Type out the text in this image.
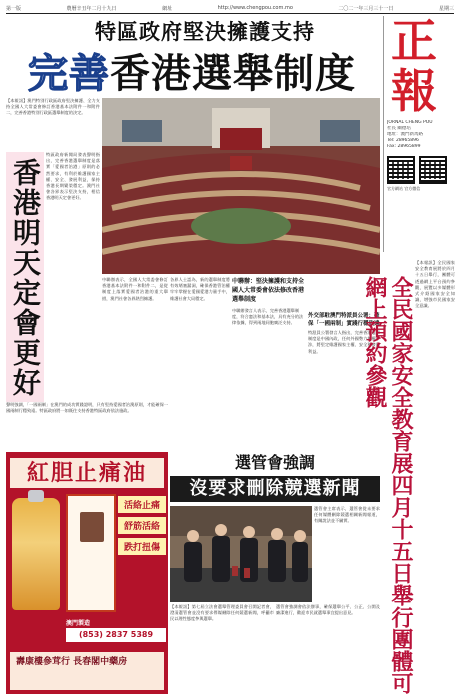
第一版	農曆辛丑年二月十九日	網址	http://www.chengpou.com.mo	二〇二一年三月三十一日	星期三
特區政府堅決擁護支持
完善 香港選舉制度
正報
JORNAL CHENG POU
社長 關德培
地址：澳門新馬路
Tel: 28965896
Fax: 28965899
官方網站 官方微信
【本報訊】澳門特別行政區政府堅決擁護、全力支持全國人大常委會修訂香港基本法附件一和附件二，完善香港特別行政區選舉制度的決定。
香港明天定會更好
特區政府新聞局發表聲明指出，完善香港選舉制度是落實「愛國者治港」原則的必然要求，有利於維護國家主權、安全、發展利益，保持香港長期繁榮穩定。澳門社會各界表示堅決支持，相信香港明天定會更好。
中聯辦表示，全國人大常委會修訂香港基本法附件一和附件二，是從制度上落實愛國者治港的重大舉措，澳門社會各界熱烈擁護。
各界人士認為，新的選舉制度將有效堵塞漏洞，確保香港管治權牢牢掌握在愛國愛港力量手中，維護社會大局穩定。
中聯辦：堅決擁護和支持全國人大常委會依法修改香港選舉制度
中聯辦發言人表示，完善香港選舉制度，符合憲法和基本法，具有充分的法律依據，得到兩地同胞廣泛支持。
外交部駐澳門特派員公署：確保「一國兩制」實踐行穩致遠
特派員公署發言人指出，完善香港選舉制度是中國內政，任何外國勢力無權干涉，將堅定維護國家主權、安全和發展利益。
聲明強調，「一國兩制」在澳門的成功實踐證明，只有堅持愛國者治澳原則，才能確保一國兩制行穩致遠。特區政府將一如既往支持香港特區政府依法施政。	全民國家安全教育展四月十五日舉行團體可網上預約參觀
【本報訊】全民國家安全教育展將於四月十五日舉行，團體可透過網上平台預約參觀，展覽以多媒體形式介紹國家安全知識，增強市民國家安全意識。
紅胆止痛油
活絡止痛
舒筋活絡
跌打扭傷
澳門製造
(853) 2837 5389
壽康樓參茸行 長春閣中藥房
選管會強調
沒要求刪除競選新聞
選管會主席表示，選管會從未要求任何媒體刪除競選相關新聞報道，有關說法並不屬實。
【本報訊】第七屆立法會選舉管理委員會召開記者會，澄清選管會並沒有要求傳媒刪除任何競選新聞，呼籲市民以理性態度參與選舉。
選管會強調會依法辦事，確保選舉公平、公正、公開及廉潔進行，歡迎市民就選舉事宜提出意見。
